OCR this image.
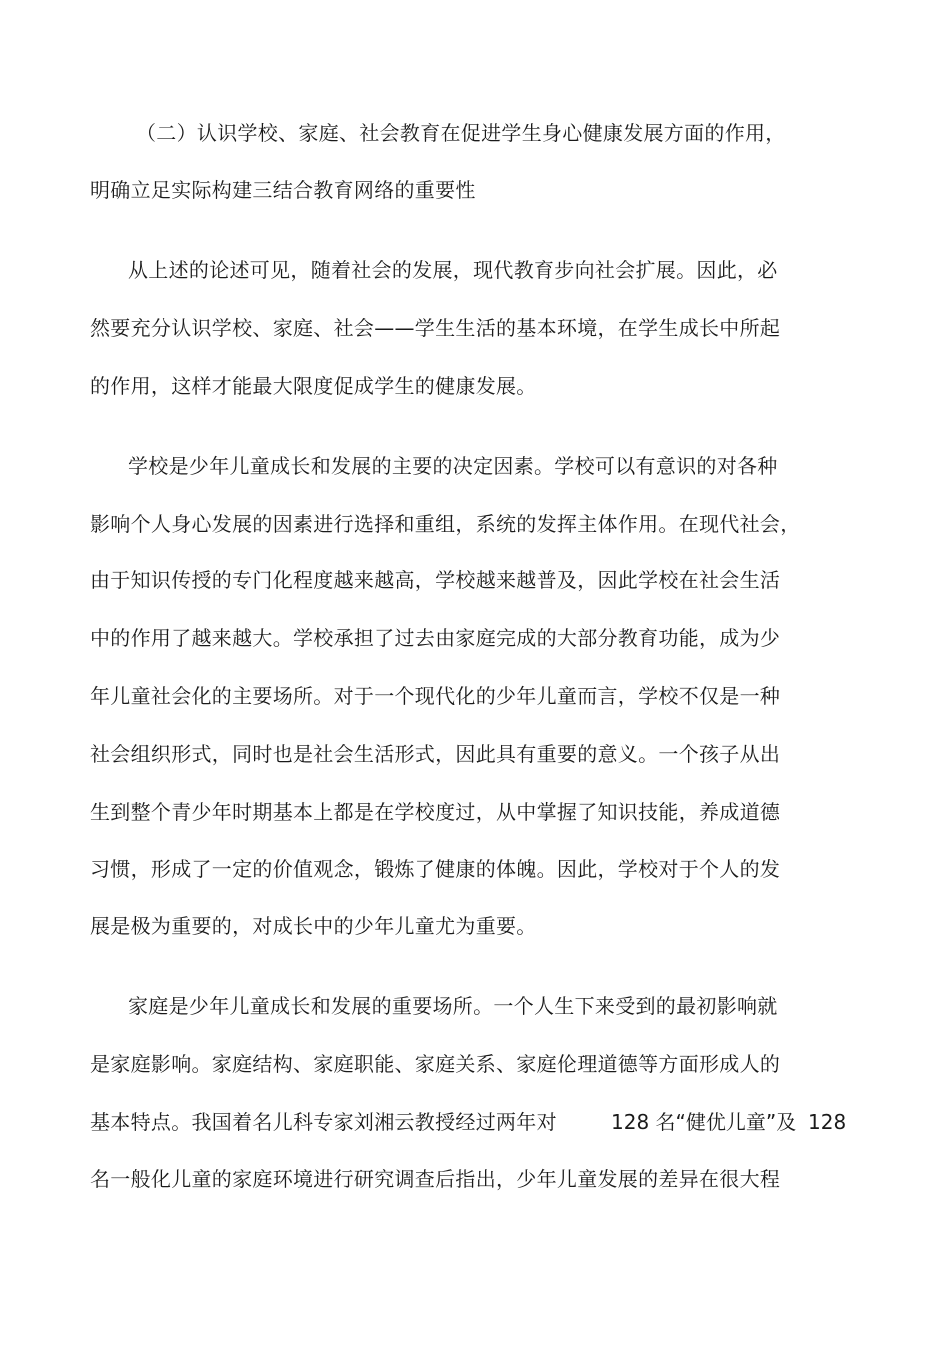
（二）认识学校、家庭、社会教育在促进学生身心健康发展方面的作用，

明确立足实际构建三结合教育网络的重要性

从上述的论述可见，随着社会的发展，现代教育步向社会扩展。因此，必

然要充分认识学校、家庭、社会——学生生活的基本环境，在学生成长中所起

的作用，这样才能最大限度促成学生的健康发展。

学校是少年儿童成长和发展的主要的决定因素。学校可以有意识的对各种

影响个人身心发展的因素进行选择和重组，系统的发挥主体作用。在现代社会，

由于知识传授的专门化程度越来越高，学校越来越普及，因此学校在社会生活

中的作用了越来越大。学校承担了过去由家庭完成的大部分教育功能，成为少

年儿童社会化的主要场所。对于一个现代化的少年儿童而言，学校不仅是一种

社会组织形式，同时也是社会生活形式，因此具有重要的意义。一个孩子从出

生到整个青少年时期基本上都是在学校度过，从中掌握了知识技能，养成道德

习惯，形成了一定的价值观念，锻炼了健康的体魄。因此，学校对于个人的发

展是极为重要的，对成长中的少年儿童尤为重要。

家庭是少年儿童成长和发展的重要场所。一个人生下来受到的最初影响就

是家庭影响。家庭结构、家庭职能、家庭关系、家庭伦理道德等方面形成人的

基本特点。我国着名儿科专家刘湘云教授经过两年对	128 名“健优儿童”及 128

名一般化儿童的家庭环境进行研究调查后指出，少年儿童发展的差异在很大程
